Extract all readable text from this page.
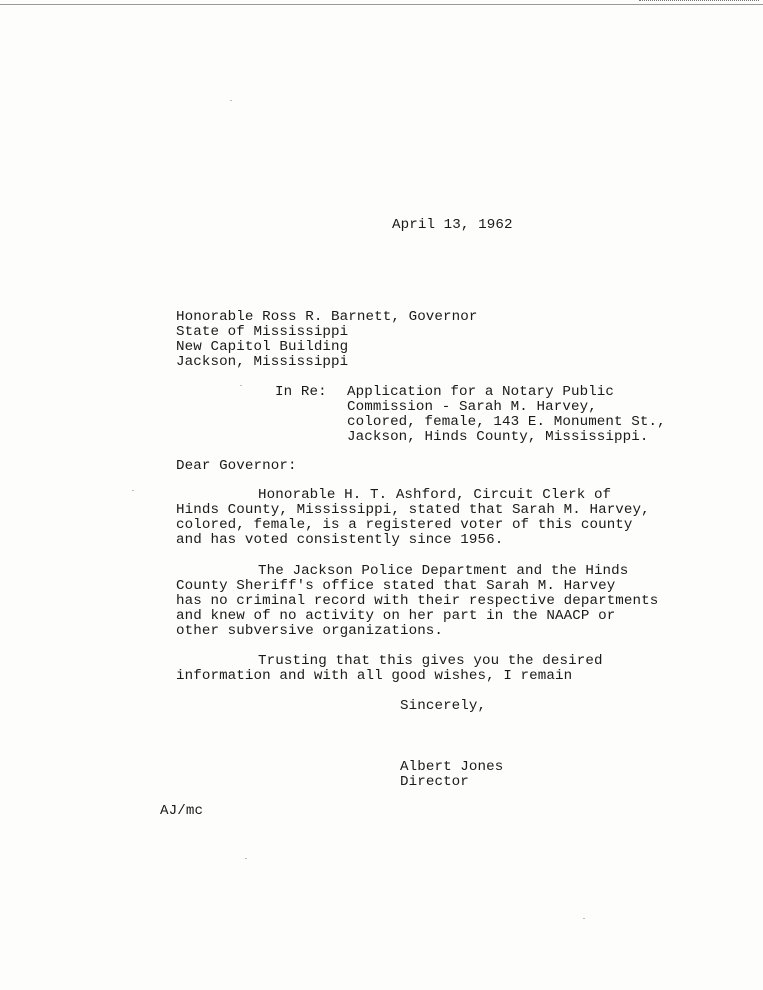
April 13, 1962
Honorable Ross R. Barnett, Governor
State of Mississippi
New Capitol Building
Jackson, Mississippi
In Re: Application for a Notary Public
Commission - Sarah M. Harvey,
colored, female, 143 E. Monument St.,
Jackson, Hinds County, Mississippi.
Dear Governor:
Honorable H. T. Ashford, Circuit Clerk of
Hinds County, Mississippi, stated that Sarah M. Harvey,
colored, female, is a registered voter of this county
and has voted consistently since 1956.
The Jackson Police Department and the Hinds
County Sheriff's office stated that Sarah M. Harvey
has no criminal record with their respective departments
and knew of no activity on her part in the NAACP or
other subversive organizations.
Trusting that this gives you the desired
information and with all good wishes, I remain
Sincerely,
Albert Jones
Director
AJ/mc
